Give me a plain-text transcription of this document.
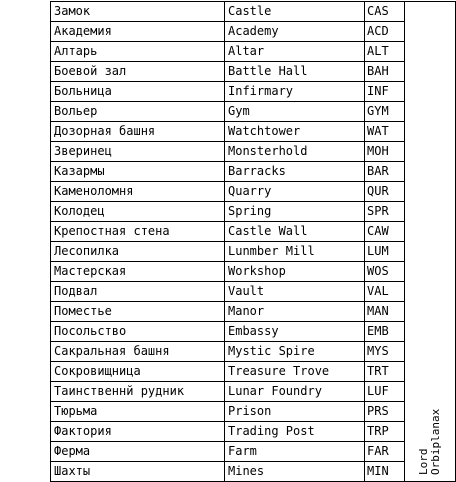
Замок	Castle	CAS	Lord Orbiplanax

Академия	Academy	ACD	
Алтарь	Altar	ALT	
Боевой зал	Battle Hall	BAH	
Больница	Infirmary	INF	
Вольер	Gym	GYM	
Дозорная башня	Watchtower	WAT	
Зверинец	Monsterhold	MOH	
Казармы	Barracks	BAR	
Каменоломня	Quarry	QUR	
Колодец	Spring	SPR	
Крепостная стена	Castle Wall	CAW	
Лесопилка	Lunmber Mill	LUM	
Мастерская	Workshop	WOS	
Подвал	Vault	VAL	
Поместье	Manor	MAN	
Посольство	Embassy	EMB	
Сакральная башня	Mystic Spire	MYS	
Сокровищница	Treasure Trove	TRT	
Таинственнй рудник	Lunar Foundry	LUF	
Тюрьма	Prison	PRS	
Фактория	Trading Post	TRP	
Ферма	Farm	FAR	
Шахты	Mines	MIN	
